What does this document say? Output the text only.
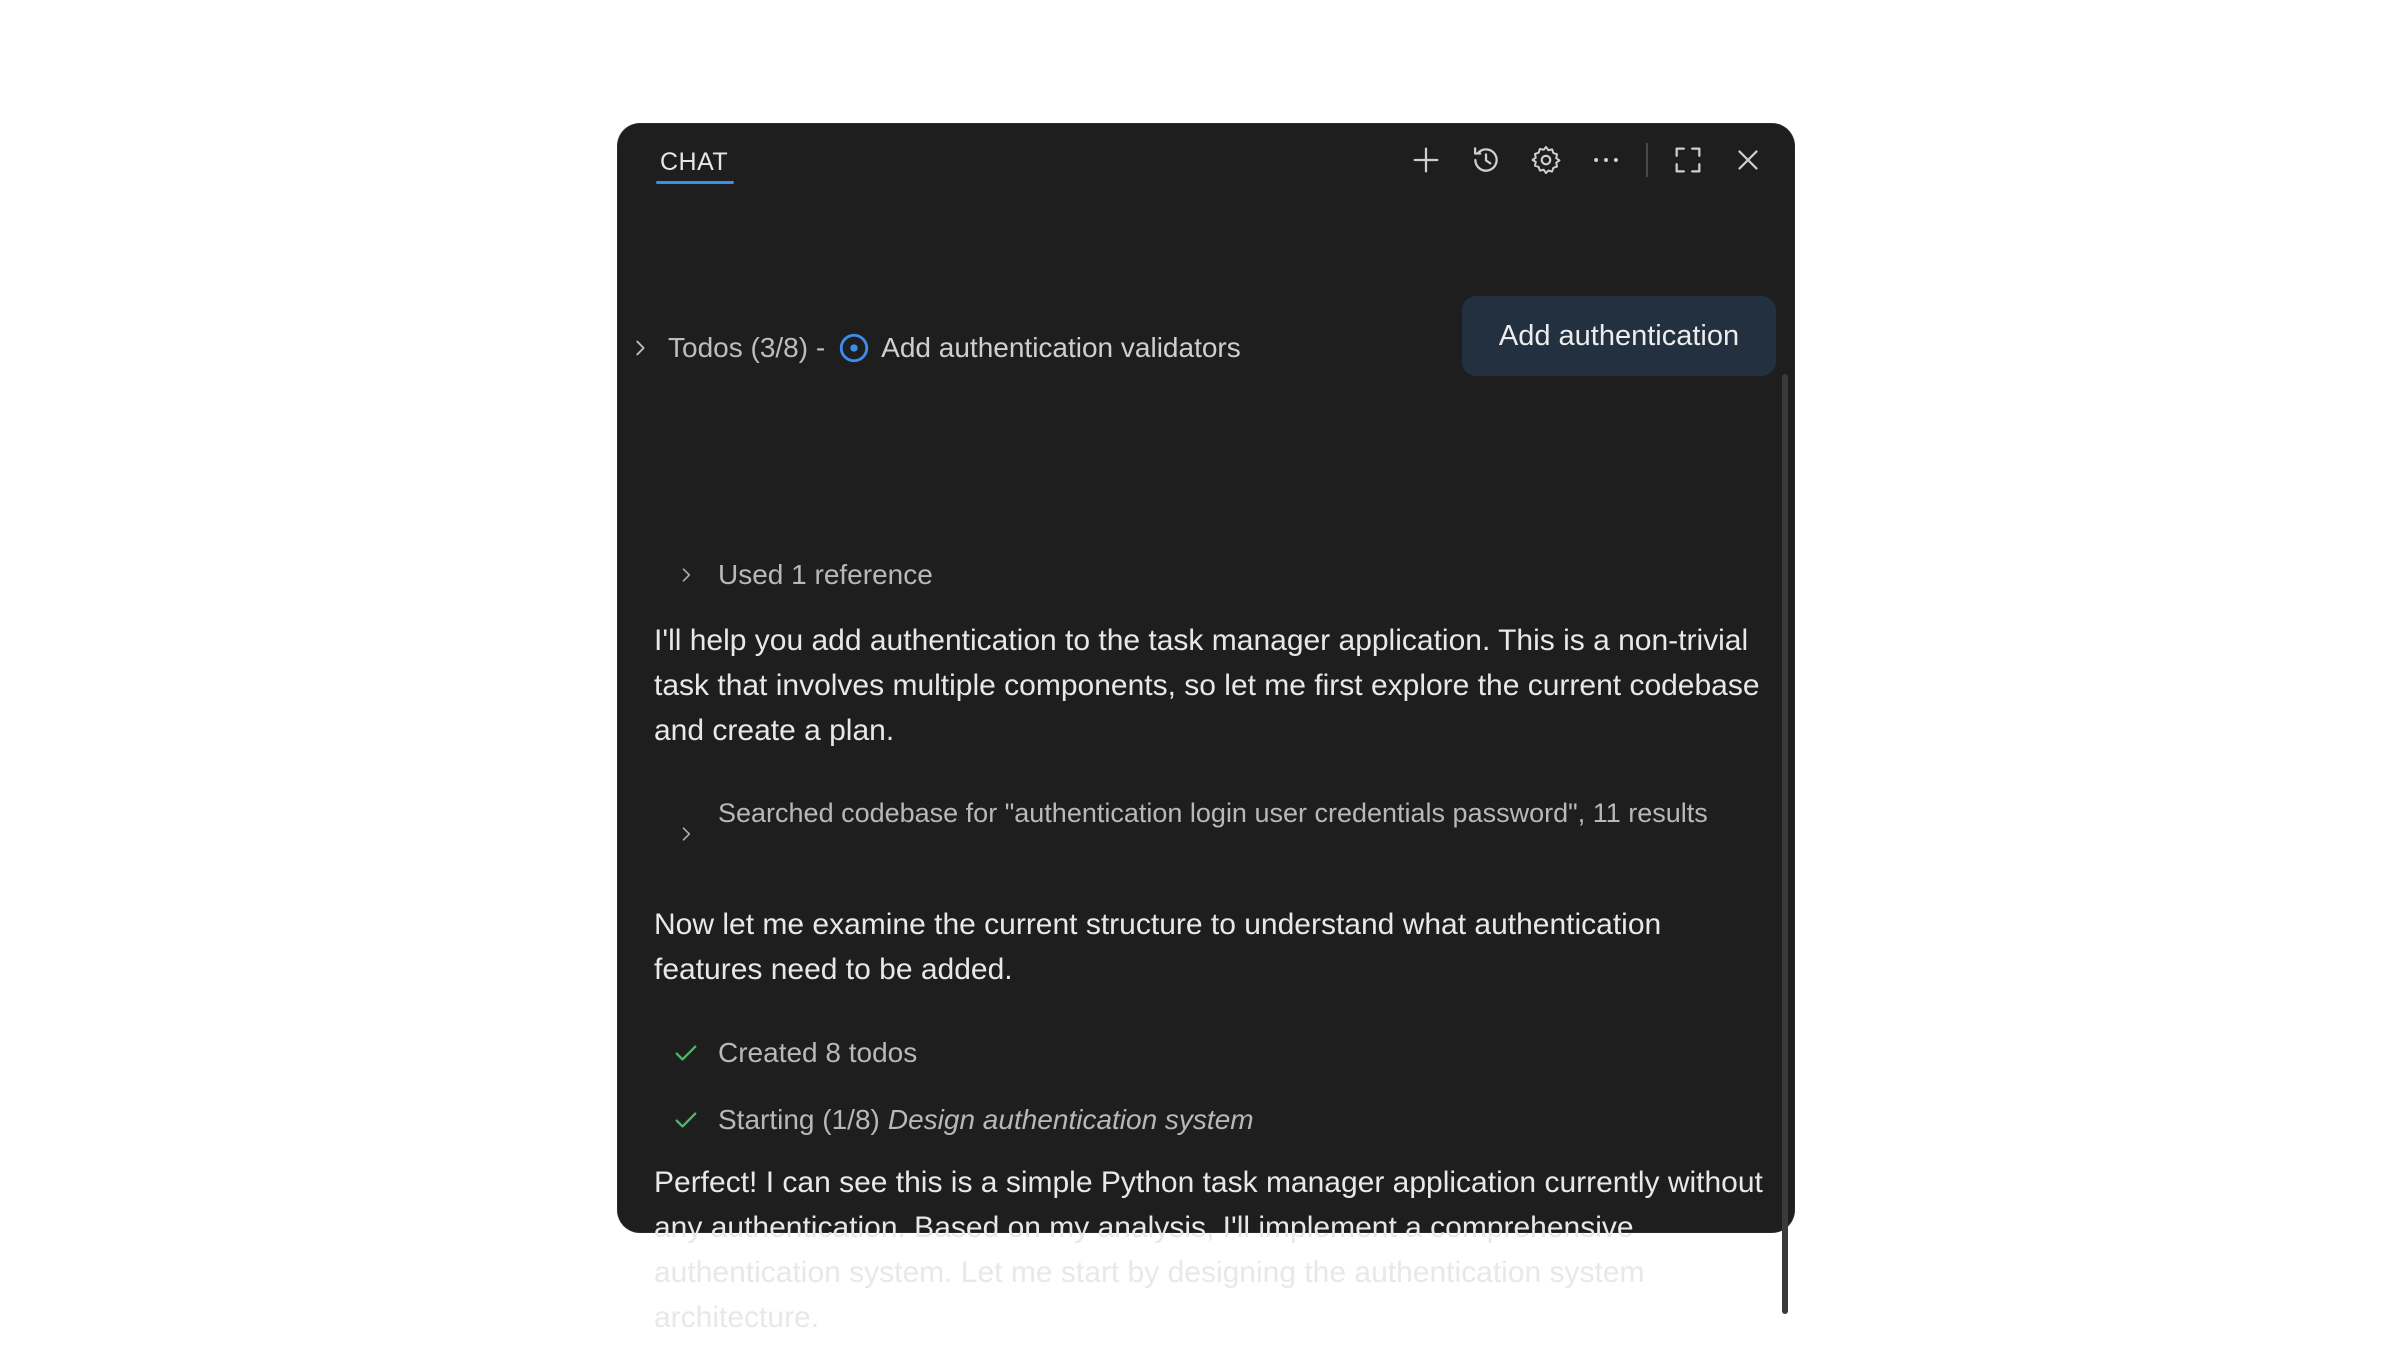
CHAT
Todos (3/8) - Add authentication validators	Add authentication
Used 1 reference
I'll help you add authentication to the task manager application. This is a non-trivial task that involves multiple components, so let me first explore the current codebase and create a plan.
Searched codebase for "authentication login user credentials password", 11 results
Now let me examine the current structure to understand what authentication features need to be added.
Created 8 todos
Starting (1/8) Design authentication system
Perfect! I can see this is a simple Python task manager application currently without any authentication. Based on my analysis, I'll implement a comprehensive authentication system. Let me start by designing the authentication system architecture.
